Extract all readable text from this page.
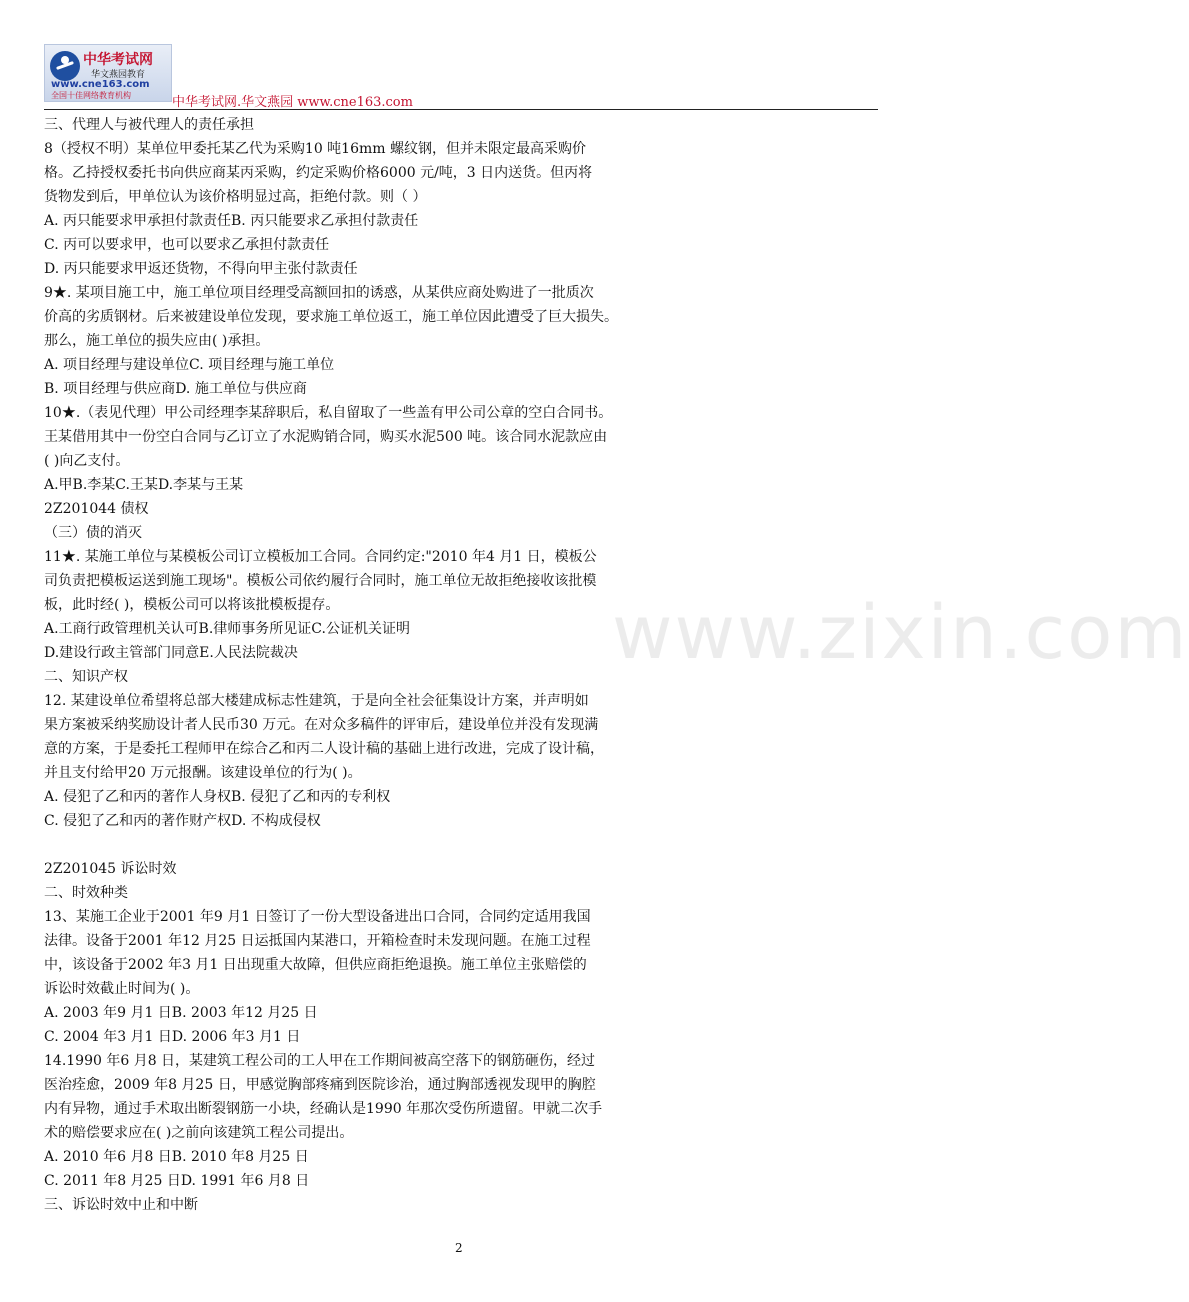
中华考试网
华文燕园教育
www.cne163.com
全国十佳网络教育机构	中华考试网.华文燕园 www.cne163.com
www.zixin.com
三、代理人与被代理人的责任承担
8（授权不明）某单位甲委托某乙代为采购10 吨16mm 螺纹钢，但并未限定最高采购价
格。乙持授权委托书向供应商某丙采购，约定采购价格6000 元/吨，3 日内送货。但丙将
货物发到后，甲单位认为该价格明显过高，拒绝付款。则（ ）
A. 丙只能要求甲承担付款责任B. 丙只能要求乙承担付款责任
C. 丙可以要求甲，也可以要求乙承担付款责任
D. 丙只能要求甲返还货物，不得向甲主张付款责任
9★. 某项目施工中，施工单位项目经理受高额回扣的诱惑，从某供应商处购进了一批质次
价高的劣质钢材。后来被建设单位发现，要求施工单位返工，施工单位因此遭受了巨大损失。
那么，施工单位的损失应由( )承担。
A. 项目经理与建设单位C. 项目经理与施工单位
B. 项目经理与供应商D. 施工单位与供应商
10★.（表见代理）甲公司经理李某辞职后，私自留取了一些盖有甲公司公章的空白合同书。
王某借用其中一份空白合同与乙订立了水泥购销合同，购买水泥500 吨。该合同水泥款应由
( )向乙支付。
A.甲B.李某C.王某D.李某与王某
2Z201044 债权
（三）债的消灭
11★. 某施工单位与某模板公司订立模板加工合同。合同约定:"2010 年4 月1 日，模板公
司负责把模板运送到施工现场"。模板公司依约履行合同时，施工单位无故拒绝接收该批模
板，此时经( )，模板公司可以将该批模板提存。
A.工商行政管理机关认可B.律师事务所见证C.公证机关证明
D.建设行政主管部门同意E.人民法院裁决
二、知识产权
12. 某建设单位希望将总部大楼建成标志性建筑，于是向全社会征集设计方案，并声明如
果方案被采纳奖励设计者人民币30 万元。在对众多稿件的评审后，建设单位并没有发现满
意的方案，于是委托工程师甲在综合乙和丙二人设计稿的基础上进行改进，完成了设计稿，
并且支付给甲20 万元报酬。该建设单位的行为( )。
A. 侵犯了乙和丙的著作人身权B. 侵犯了乙和丙的专利权
C. 侵犯了乙和丙的著作财产权D. 不构成侵权
2Z201045 诉讼时效
二、时效种类
13、某施工企业于2001 年9 月1 日签订了一份大型设备进出口合同，合同约定适用我国
法律。设备于2001 年12 月25 日运抵国内某港口，开箱检查时未发现问题。在施工过程
中，该设备于2002 年3 月1 日出现重大故障，但供应商拒绝退换。施工单位主张赔偿的
诉讼时效截止时间为( )。
A. 2003 年9 月1 日B. 2003 年12 月25 日
C. 2004 年3 月1 日D. 2006 年3 月1 日
14.1990 年6 月8 日，某建筑工程公司的工人甲在工作期间被高空落下的钢筋砸伤，经过
医治痊愈，2009 年8 月25 日，甲感觉胸部疼痛到医院诊治，通过胸部透视发现甲的胸腔
内有异物，通过手术取出断裂钢筋一小块，经确认是1990 年那次受伤所遗留。甲就二次手
术的赔偿要求应在( )之前向该建筑工程公司提出。
A. 2010 年6 月8 日B. 2010 年8 月25 日
C. 2011 年8 月25 日D. 1991 年6 月8 日
三、诉讼时效中止和中断
2
